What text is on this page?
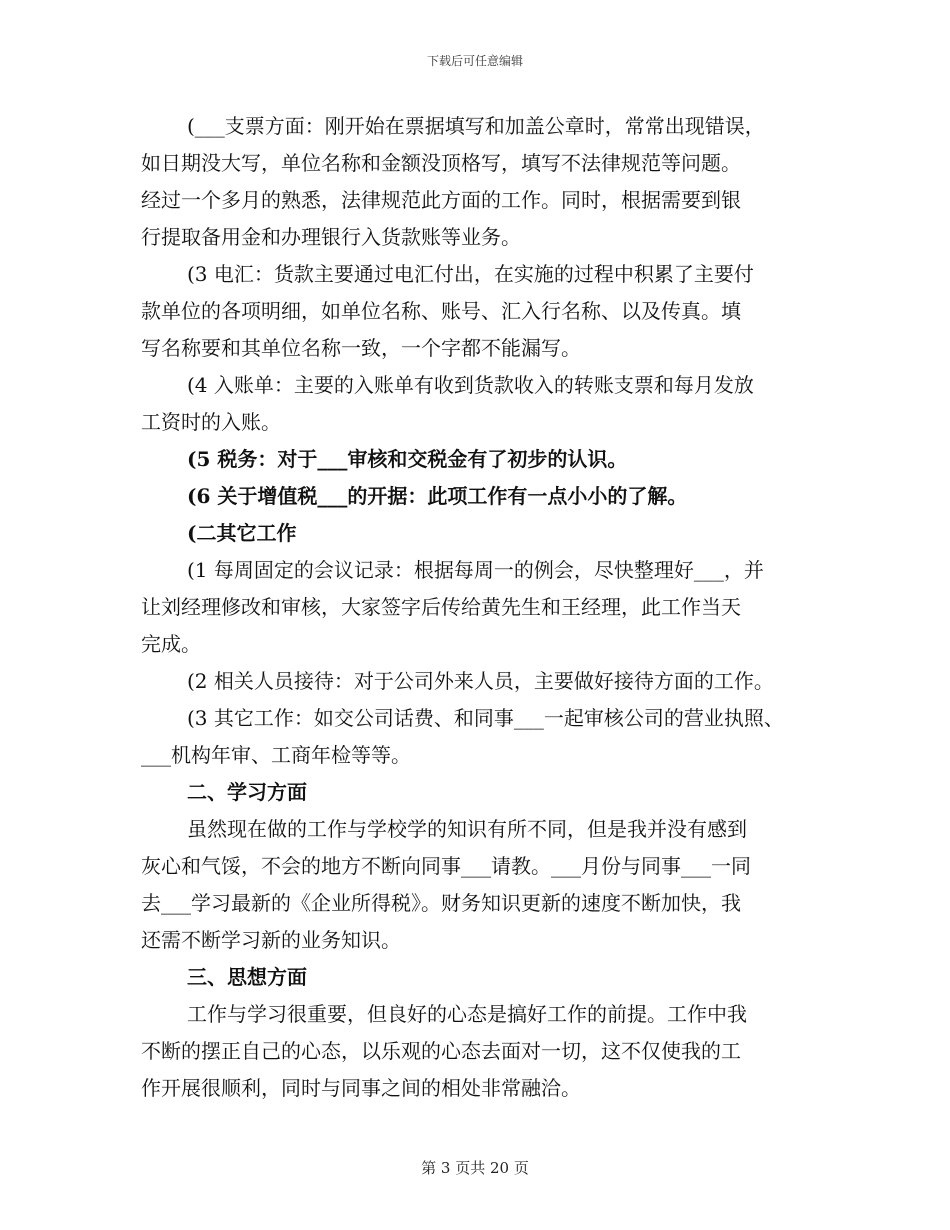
下载后可任意编辑
(___支票方面：刚开始在票据填写和加盖公章时，常常出现错误，
如日期没大写，单位名称和金额没顶格写，填写不法律规范等问题。
经过一个多月的熟悉，法律规范此方面的工作。同时，根据需要到银
行提取备用金和办理银行入货款账等业务。
(3 电汇：货款主要通过电汇付出，在实施的过程中积累了主要付
款单位的各项明细，如单位名称、账号、汇入行名称、以及传真。填
写名称要和其单位名称一致，一个字都不能漏写。
(4 入账单：主要的入账单有收到货款收入的转账支票和每月发放
工资时的入账。
(5 税务：对于___审核和交税金有了初步的认识。
(6 关于增值税___的开据：此项工作有一点小小的了解。
(二其它工作
(1 每周固定的会议记录：根据每周一的例会，尽快整理好___，并
让刘经理修改和审核，大家签字后传给黄先生和王经理，此工作当天
完成。
(2 相关人员接待：对于公司外来人员，主要做好接待方面的工作。
(3 其它工作：如交公司话费、和同事___一起审核公司的营业执照、
___机构年审、工商年检等等。
二、学习方面
虽然现在做的工作与学校学的知识有所不同，但是我并没有感到
灰心和气馁，不会的地方不断向同事___请教。___月份与同事___一同
去___学习最新的《企业所得税》。财务知识更新的速度不断加快，我
还需不断学习新的业务知识。
三、思想方面
工作与学习很重要，但良好的心态是搞好工作的前提。工作中我
不断的摆正自己的心态，以乐观的心态去面对一切，这不仅使我的工
作开展很顺利，同时与同事之间的相处非常融洽。
第 3 页共 20 页
